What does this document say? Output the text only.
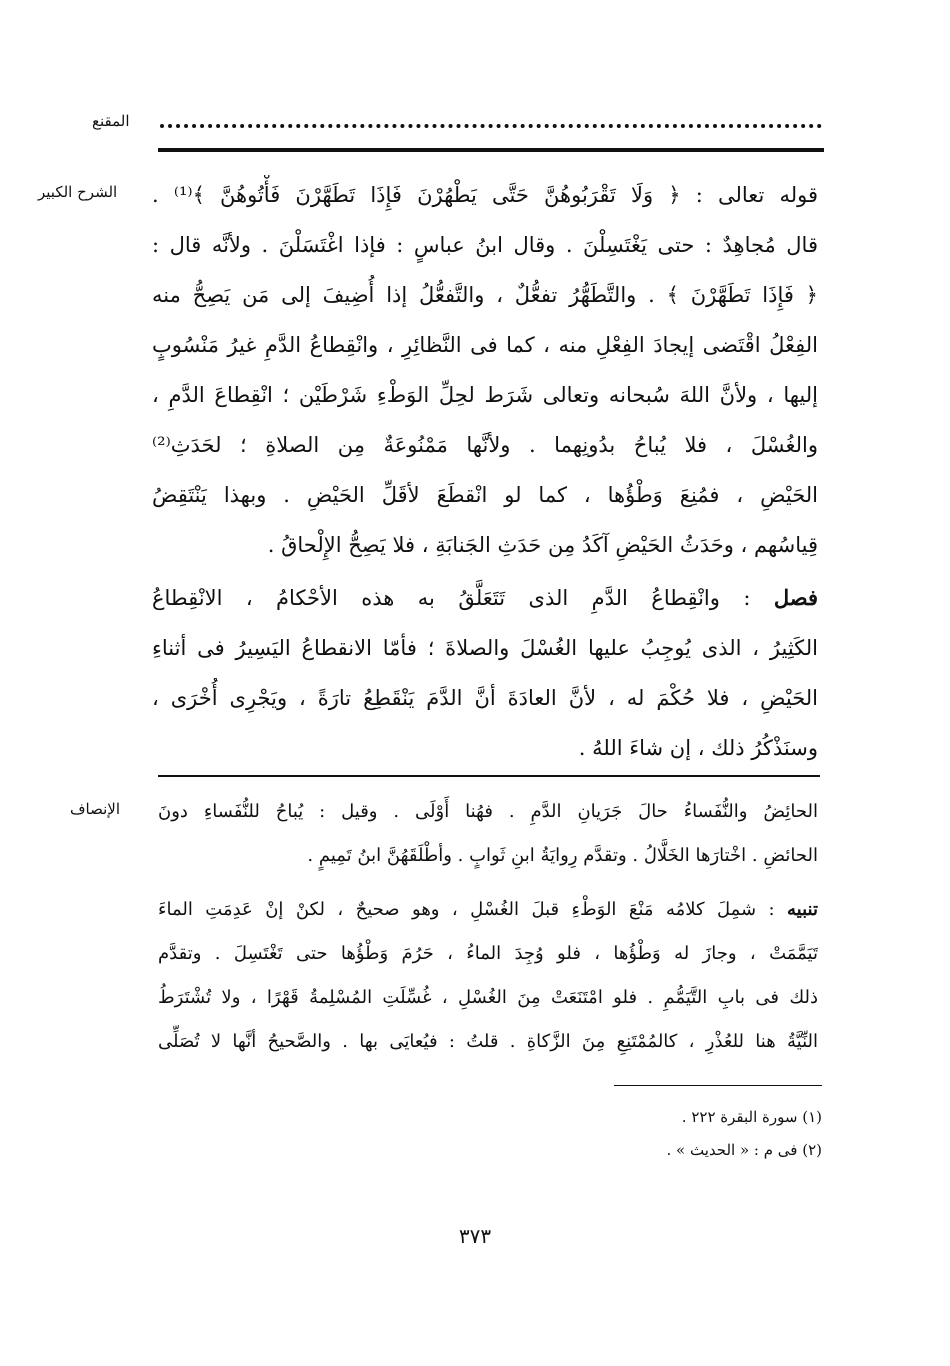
المقنع
الشرح الكبير قوله تعالى : ﴿ وَلَا تَقْرَبُوهُنَّ حَتَّى يَطْهُرْنَ فَإِذَا تَطَهَّرْنَ فَأْتُوهُنَّ ﴾⁽¹⁾ .
قال مُجاهِدٌ : حتى يَغْتَسِلْنَ . وقال ابنُ عباسٍ : فإذا اغْتَسَلْنَ . ولأنَّه قال :
﴿ فَإِذَا تَطَهَّرْنَ ﴾ . والتَّطَهُّرُ تفعُّلٌ ، والتَّفعُّلُ إذا أُضِيفَ إلى مَن يَصِحُّ منه
الفِعْلُ اقْتَضى إيجادَ الفِعْلِ منه ، كما فى النَّظائِرِ ، وانْقِطاعُ الدَّمِ غيرُ مَنْسُوبٍ
إليها ، ولأنَّ اللهَ سُبحانه وتعالى شَرَط لحِلِّ الوَطْءِ شَرْطَيْن ؛ انْقِطاعَ الدَّمِ ،
والغُسْلَ ، فلا يُباحُ بدُونِهما . ولأنَّها مَمْنُوعَةٌ مِن الصلاةِ ؛ لحَدَثِ⁽²⁾
الحَيْضِ ، فمُنِعَ وَطْؤُها ، كما لو انْقطَعَ لأقَلِّ الحَيْضِ . وبهذا يَنْتَقِضُ
قِياسُهم ، وحَدَثُ الحَيْضِ آكَدُ مِن حَدَثِ الجَنابَةِ ، فلا يَصِحُّ الإِلْحاقُ .
فصل : وانْقِطاعُ الدَّمِ الذى تَتَعَلَّقُ به هذه الأحْكامُ ، الانْقِطاعُ
الكَثِيرُ ، الذى يُوجِبُ عليها الغُسْلَ والصلاةَ ؛ فأمّا الانقطاعُ اليَسِيرُ فى أثناءِ
الحَيْضِ ، فلا حُكْمَ له ، لأنَّ العادَةَ أنَّ الدَّمَ يَنْقَطِعُ تارَةً ، ويَجْرِى أُخْرَى ،
وسنَذْكُرُ ذلك ، إن شاءَ اللهُ .
الإنصاف الحائِضُ والنُّفَساءُ حالَ جَرَيانِ الدَّمِ . فهُنا أَوْلَى . وقيل : يُباحُ للنُّفَساءِ دونَ
الحائضِ . اخْتارَها الخَلَّالُ . وتقدَّم رِوايَةُ ابنِ ثَوابٍ . وأطْلَقَهُنَّ ابنُ تَمِيمٍ .
تنبيه : شمِلَ كلامُه مَنْعَ الوَطْءِ قبلَ الغُسْلِ ، وهو صحيحٌ ، لكنْ إنْ عَدِمَتِ الماءَ
تَيَمَّمَتْ ، وجازَ له وَطْؤُها ، فلو وُجِدَ الماءُ ، حَرُمَ وَطْؤُها حتى تَغْتَسِلَ . وتقدَّم
ذلك فى بابِ التَّيَمُّمِ . فلو امْتَنَعَتْ مِنَ الغُسْلِ ، غُسِّلَتِ المُسْلِمةُ قَهْرًا ، ولا تُشْتَرَطُ
النِّيَّةُ هنا للعُذْرِ ، كالمُمْتَنِعِ مِنَ الزَّكاةِ . قلتُ : فيُعايَى بها . والصَّحيحُ أنَّها لا تُصَلِّى
(١) سورة البقرة ٢٢٢ .
(٢) فى م : « الحديث » .
٣٧٣
